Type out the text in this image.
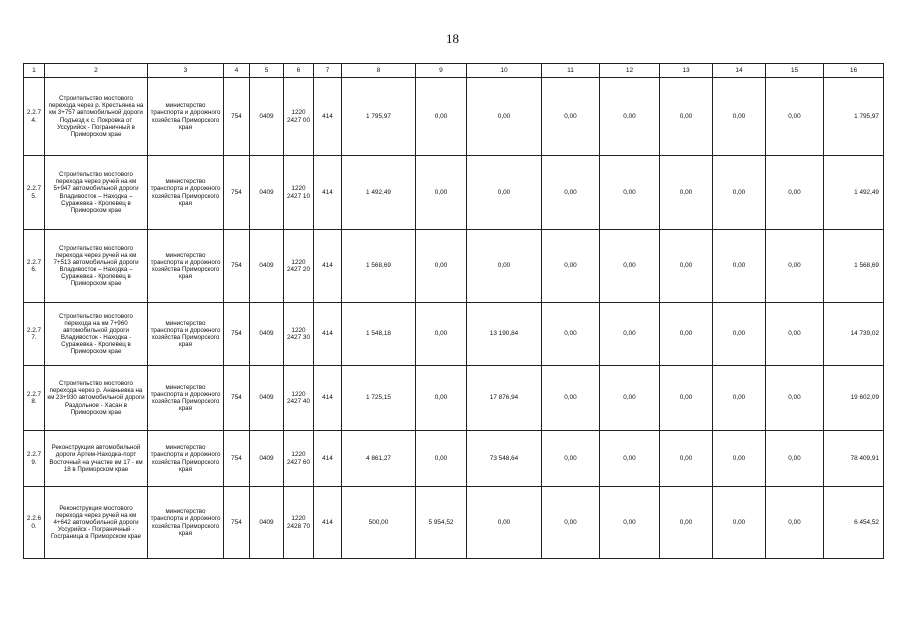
18
1	2	3	4	5	6	7	8	9	10	11	12	13	14	15	16
2.2.7 4.	Строительство мостового перехода через р. Крестьянка на км 3+757 автомобильной дороги Подъезд к с. Покровка от Уссурийск - Пограничный в Приморском крае	министерство транспорта и дорожного хозяйства Приморского края	754	0409	1220 2427 00	414	1 795,97	0,00	0,00	0,00	0,00	0,00	0,00	0,00	1 795,97
2.2.7 5.	Строительство мостового перехода через ручей на км 5+947 автомобильной дороги Владивосток – Находка – Суражевка - Кролевец в Приморском крае	министерство транспорта и дорожного хозяйства Приморского края	754	0409	1220 2427 10	414	1 492,49	0,00	0,00	0,00	0,00	0,00	0,00	0,00	1 492,49
2.2.7 6.	Строительство мостового перехода через ручей на км 7+513 автомобильной дороги Владивосток – Находка – Суражевка - Кролевец в Приморском крае	министерство транспорта и дорожного хозяйства Приморского края	754	0409	1220 2427 20	414	1 568,69	0,00	0,00	0,00	0,00	0,00	0,00	0,00	1 568,69
2.2.7 7.	Строительство мостового перехода на км 7+960 автомобильной дороги Владивосток - Находка - Суражевка - Кролевец в Приморском крае	министерство транспорта и дорожного хозяйства Приморского края	754	0409	1220 2427 30	414	1 548,18	0,00	13 190,84	0,00	0,00	0,00	0,00	0,00	14 739,02
2.2.7 8.	Строительство мостового перехода через р. Ананьевка на км 23+930 автомобильной дороги Раздольное - Хасан в Приморском крае	министерство транспорта и дорожного хозяйства Приморского края	754	0409	1220 2427 40	414	1 725,15	0,00	17 876,94	0,00	0,00	0,00	0,00	0,00	19 602,09
2.2.7 9.	Реконструкция автомобильной дороги Артем-Находка-порт Восточный на участке км 17 - км 18 в Приморском крае	министерство транспорта и дорожного хозяйства Приморского края	754	0409	1220 2427 60	414	4 861,27	0,00	73 548,64	0,00	0,00	0,00	0,00	0,00	78 409,91
2.2.6 0.	Реконструкция мостового перехода через ручей на км 4+642 автомобильной дороги Уссурийск - Пограничный - Госграница в Приморском крае	министерство транспорта и дорожного хозяйства Приморского края	754	0409	1220 2428 70	414	500,00	5 954,52	0,00	0,00	0,00	0,00	0,00	0,00	6 454,52
